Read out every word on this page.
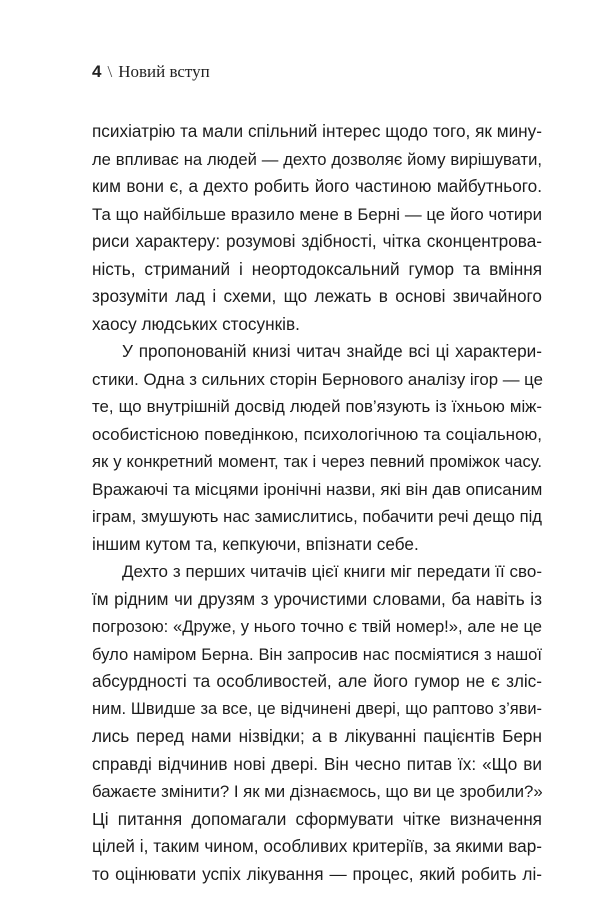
4 \ Новий вступ
психіатрію та мали спільний інтерес щодо того, як мину-
ле впливає на людей — дехто дозволяє йому вирішувати,
ким вони є, а дехто робить його частиною майбутнього.
Та що найбільше вразило мене в Берні — це його чотири
риси характеру: розумові здібності, чітка сконцентрова-
ність, стриманий і неортодоксальний гумор та вміння
зрозуміти лад і схеми, що лежать в основі звичайного
хаосу людських стосунків.
У пропонованій книзі читач знайде всі ці характери-
стики. Одна з сильних сторін Бернового аналізу ігор — це
те, що внутрішній досвід людей пов’язують із їхньою між-
особистісною поведінкою, психологічною та соціальною,
як у конкретний момент, так і через певний проміжок часу.
Вражаючі та місцями іронічні назви, які він дав описаним
іграм, змушують нас замислитись, побачити речі дещо під
іншим кутом та, кепкуючи, впізнати себе.
Дехто з перших читачів цієї книги міг передати її сво-
їм рідним чи друзям з урочистими словами, ба навіть із
погрозою: «Друже, у нього точно є твій номер!», але не це
було наміром Берна. Він запросив нас посміятися з нашої
абсурдності та особливостей, але його гумор не є зліс-
ним. Швидше за все, це відчинені двері, що раптово з’яви-
лись перед нами нізвідки; а в лікуванні пацієнтів Берн
справді відчинив нові двері. Він чесно питав їх: «Що ви
бажаєте змінити? І як ми дізнаємось, що ви це зробили?»
Ці питання допомагали сформувати чітке визначення
цілей і, таким чином, особливих критеріїв, за якими вар-
то оцінювати успіх лікування — процес, який робить лі-
